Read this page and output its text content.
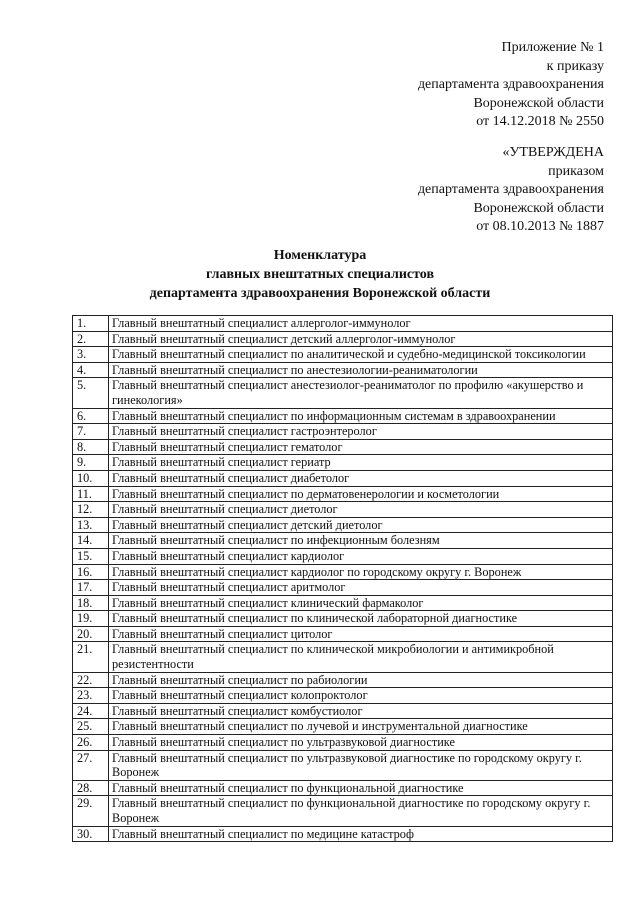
Приложение № 1
к приказу
департамента здравоохранения
Воронежской области
от 14.12.2018 № 2550
«УТВЕРЖДЕНА
приказом
департамента здравоохранения
Воронежской области
от 08.10.2013 № 1887
Номенклатура
главных внештатных специалистов
департамента здравоохранения Воронежской области
1.	Главный внештатный специалист аллерголог-иммунолог
2.	Главный внештатный специалист детский аллерголог-иммунолог
3.	Главный внештатный специалист по аналитической и судебно-медицинской токсикологии
4.	Главный внештатный специалист по анестезиологии-реаниматологии
5.	Главный внештатный специалист анестезиолог-реаниматолог по профилю «акушерство и гинекология»
6.	Главный внештатный специалист по информационным системам в здравоохранении
7.	Главный внештатный специалист гастроэнтеролог
8.	Главный внештатный специалист гематолог
9.	Главный внештатный специалист гериатр
10.	Главный внештатный специалист диабетолог
11.	Главный внештатный специалист по дерматовенерологии и косметологии
12.	Главный внештатный специалист диетолог
13.	Главный внештатный специалист детский диетолог
14.	Главный внештатный специалист по инфекционным болезням
15.	Главный внештатный специалист кардиолог
16.	Главный внештатный специалист кардиолог по городскому округу г. Воронеж
17.	Главный внештатный специалист аритмолог
18.	Главный внештатный специалист клинический фармаколог
19.	Главный внештатный специалист по клинической лабораторной диагностике
20.	Главный внештатный специалист цитолог
21.	Главный внештатный специалист по клинической микробиологии и антимикробной резистентности
22.	Главный внештатный специалист по рабиологии
23.	Главный внештатный специалист колопроктолог
24.	Главный внештатный специалист комбустиолог
25.	Главный внештатный специалист по лучевой и инструментальной диагностике
26.	Главный внештатный специалист по ультразвуковой диагностике
27.	Главный внештатный специалист по ультразвуковой диагностике по городскому округу г. Воронеж
28.	Главный внештатный специалист по функциональной диагностике
29.	Главный внештатный специалист по функциональной диагностике по городскому округу г. Воронеж
30.	Главный внештатный специалист по медицине катастроф
